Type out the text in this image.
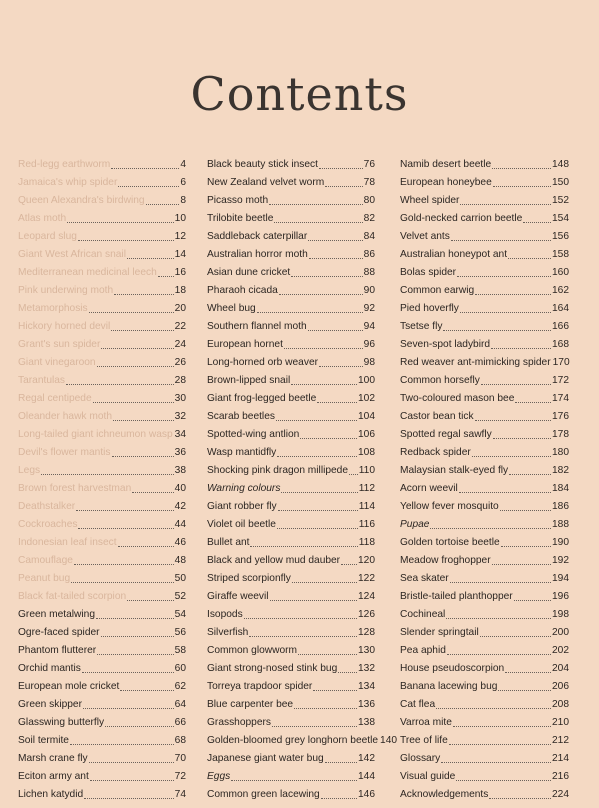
Contents
Red-legg earthworm	4
Jamaica's whip spider	6
Queen Alexandra's birdwing	8
Atlas moth	10
Leopard slug	12
Giant West African snail	14
Mediterranean medicinal leech 16
Pink underwing moth	18
Metamorphosis	20
Hickory horned devil	22
Grant's sun spider	24
Giant vinegaroon	26
Tarantulas	28
Regal centipede	30
Oleander hawk moth	32
Long-tailed giant ichneumon wasp 34
Devil's flower mantis	36
Legs	38
Brown forest harvestman	40
Deathstalker	42
Cockroaches	44
Indonesian leaf insect	46
Camouflage	48
Peanut bug	50
Black fat-tailed scorpion	52
Green metalwing	54
Ogre-faced spider	56
Phantom flutterer	58
Orchid mantis	60
European mole cricket	62
Green skipper	64
Glasswing butterfly	66
Soil termite	68
Marsh crane fly	70
Eciton army ant	72
Lichen katydid	74
Black beauty stick insect	76
New Zealand velvet worm	78
Picasso moth	80
Trilobite beetle	82
Saddleback caterpillar	84
Australian horror moth	86
Asian dune cricket	88
Pharaoh cicada	90
Wheel bug	92
Southern flannel moth	94
European hornet	96
Long-horned orb weaver	98
Brown-lipped snail	100
Giant frog-legged beetle	102
Scarab beetles	104
Spotted-wing antlion	106
Wasp mantidfly	108
Shocking pink dragon millipede 110
Warning colours	112
Giant robber fly	114
Violet oil beetle	116
Bullet ant	118
Black and yellow mud dauber 120
Striped scorpionfly	122
Giraffe weevil	124
Isopods	126
Silverfish	128
Common glowworm	130
Giant strong-nosed stink bug 132
Torreya trapdoor spider	134
Blue carpenter bee	136
Grasshoppers	138
Golden-bloomed grey longhorn beetle 140
Japanese giant water bug	142
Eggs	144
Common green lacewing	146
Namib desert beetle	148
European honeybee	150
Wheel spider	152
Gold-necked carrion beetle	154
Velvet ants	156
Australian honeypot ant	158
Bolas spider	160
Common earwig	162
Pied hoverfly	164
Tsetse fly	166
Seven-spot ladybird	168
Red weaver ant-mimicking spider 170
Common horsefly	172
Two-coloured mason bee	174
Castor bean tick	176
Spotted regal sawfly	178
Redback spider	180
Malaysian stalk-eyed fly	182
Acorn weevil	184
Yellow fever mosquito	186
Pupae	188
Golden tortoise beetle	190
Meadow froghopper	192
Sea skater	194
Bristle-tailed planthopper	196
Cochineal	198
Slender springtail	200
Pea aphid	202
House pseudoscorpion	204
Banana lacewing bug	206
Cat flea	208
Varroa mite	210
Tree of life	212
Glossary	214
Visual guide	216
Acknowledgements	224
